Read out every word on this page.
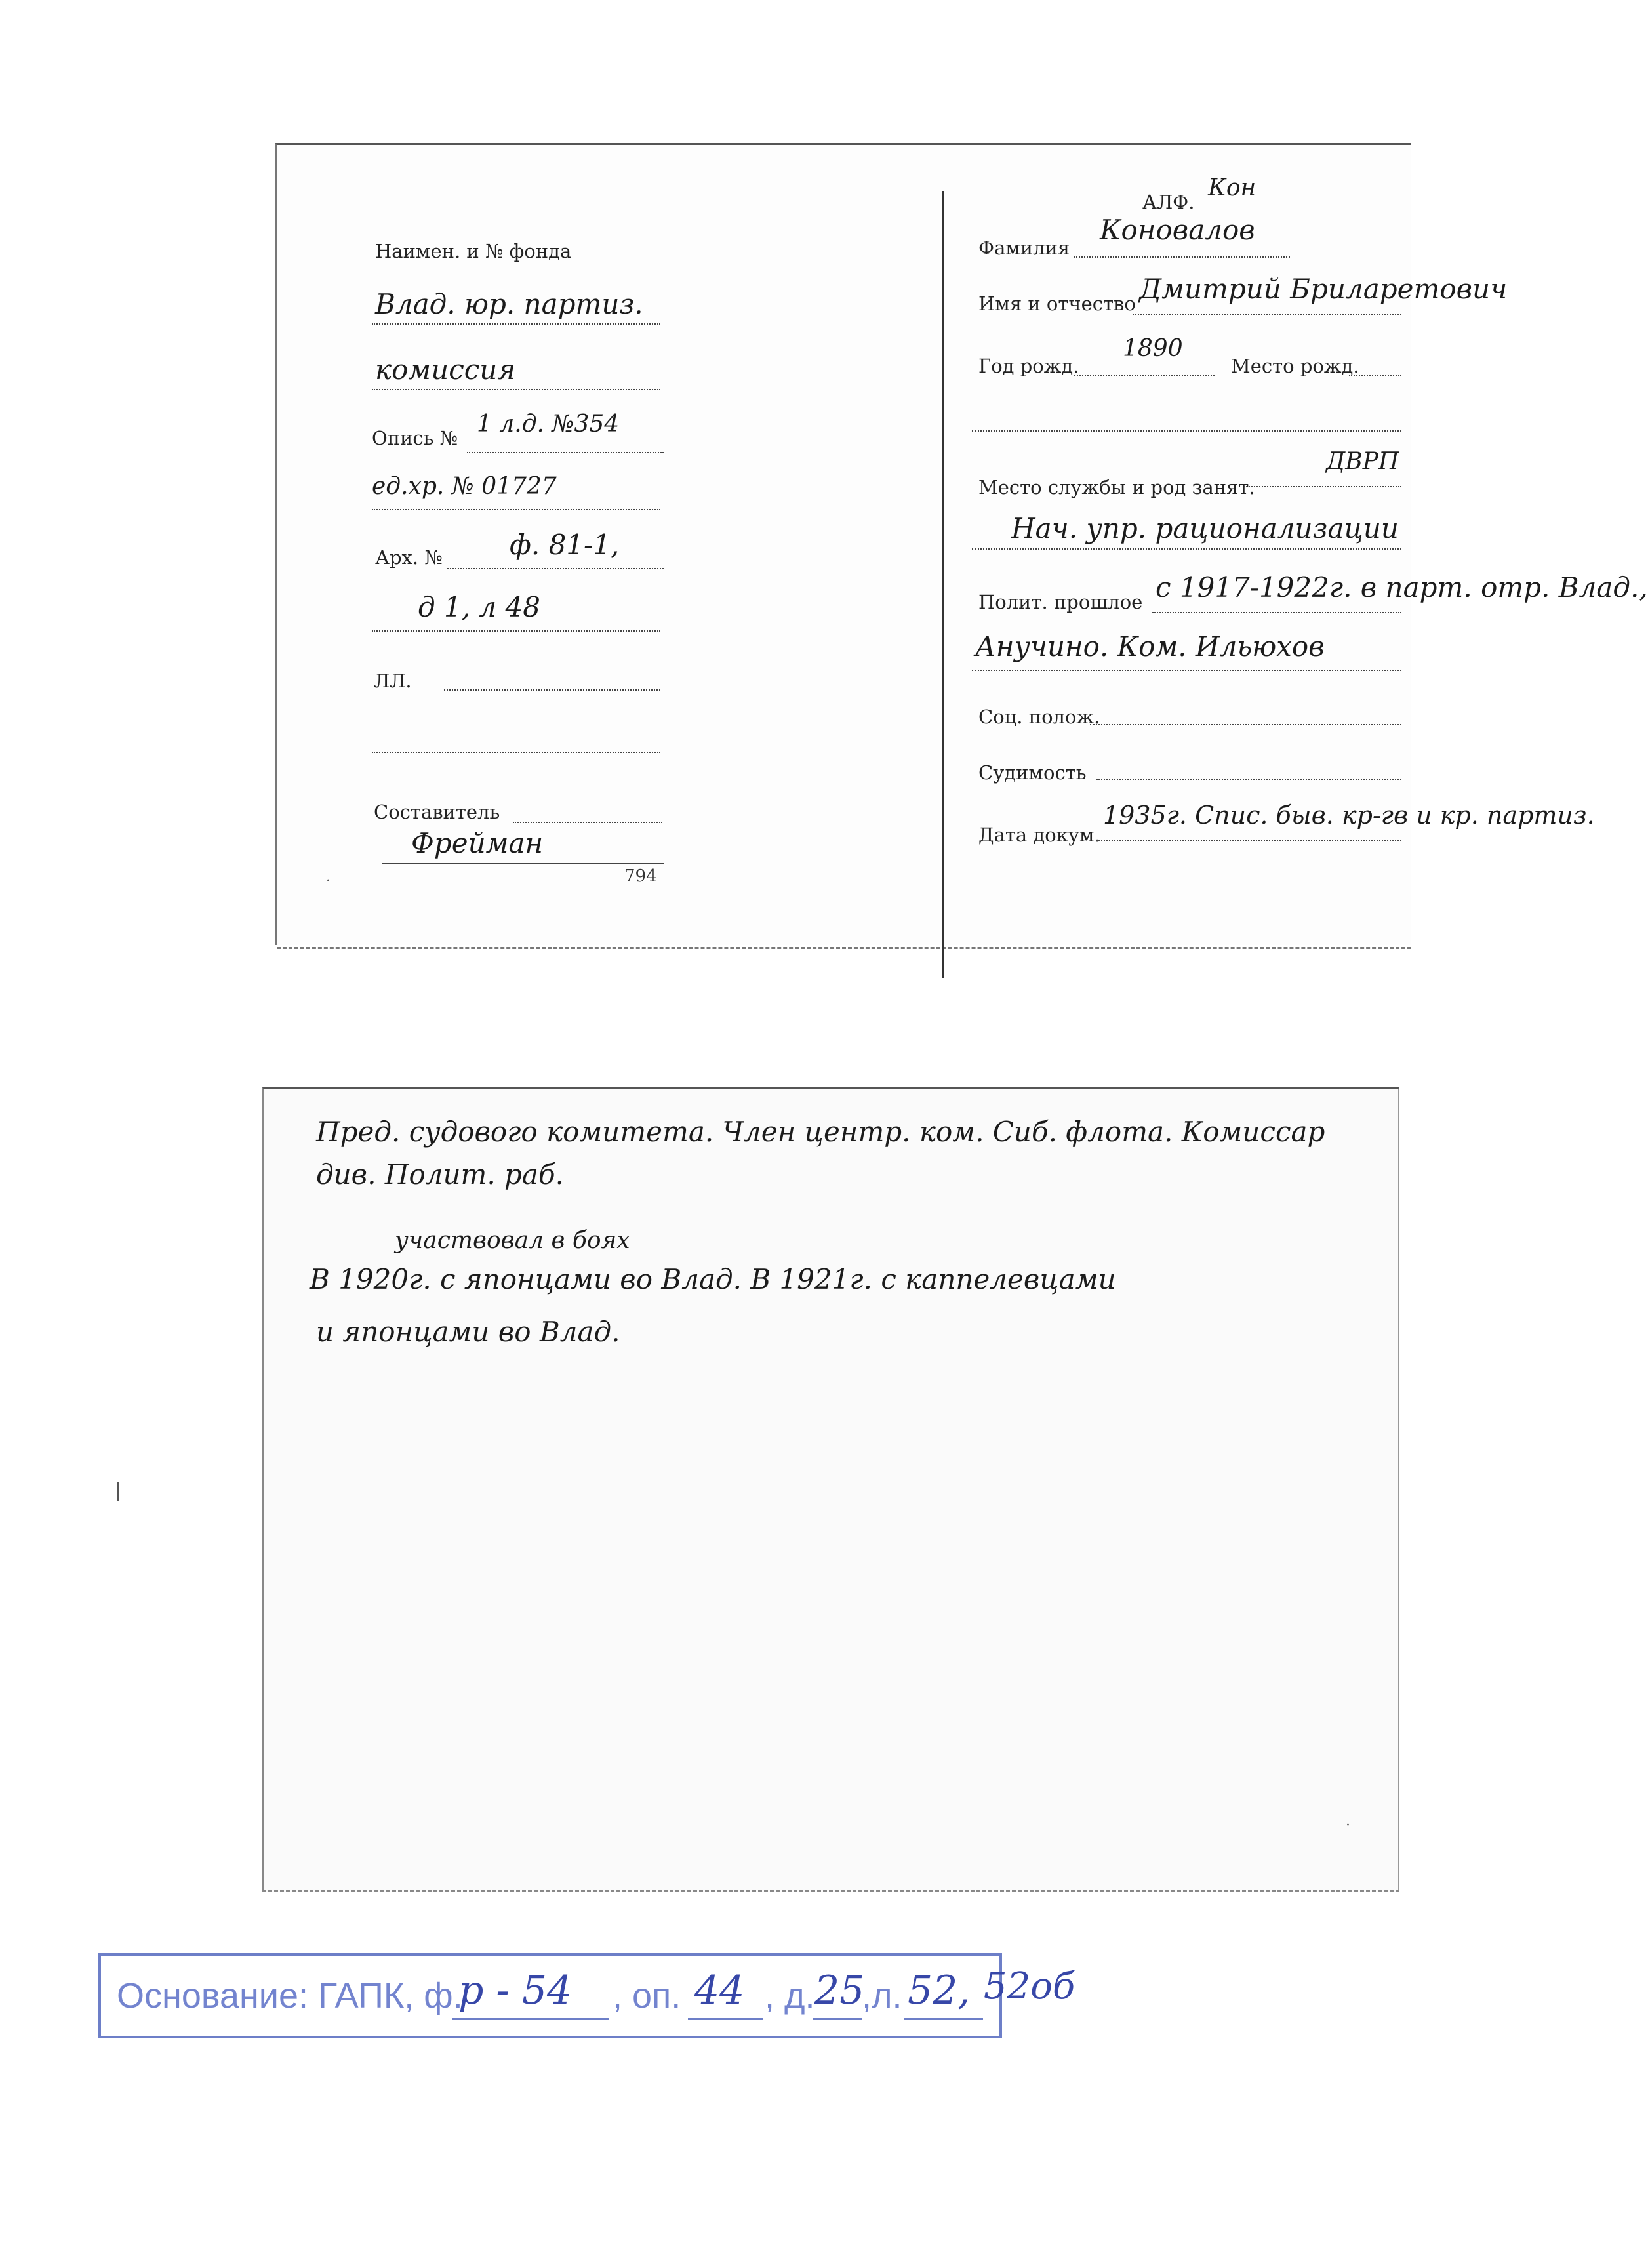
АЛФ.
Кон
Наимен. и № фонда
Влад. юр. партиз.
комиссия
Опись №
1 л.д. №354
ед.хр. № 01727
Арх. № ф. 81-1,
д 1, л 48
ЛЛ.
Составитель
Фрейман
794
Фамилия
Коновалов
Имя и отчество Дмитрий Бриларетович
Год рожд.
1890
Место рожд.
Место службы и род занят.
ДВРП
Нач. упр. рационализации
Полит. прошлое с 1917-1922г. в парт. отр. Влад.,
Анучино. Ком. Ильюхов
Соц. полож.
Судимость
Дата докум.
1935г. Спис. быв. кр-гв и кр. партиз.
·
Пред. судового комитета. Член центр. ком. Сиб. флота. Комиссар
див. Полит. раб.
участвовал в боях
В 1920г. с японцами во Влад. В 1921г. с каппелевцами
и японцами во Влад.
·
|
Основание: ГАПК, ф.
р - 54 , оп. 44 , д. 25
,л. 52, 52об
